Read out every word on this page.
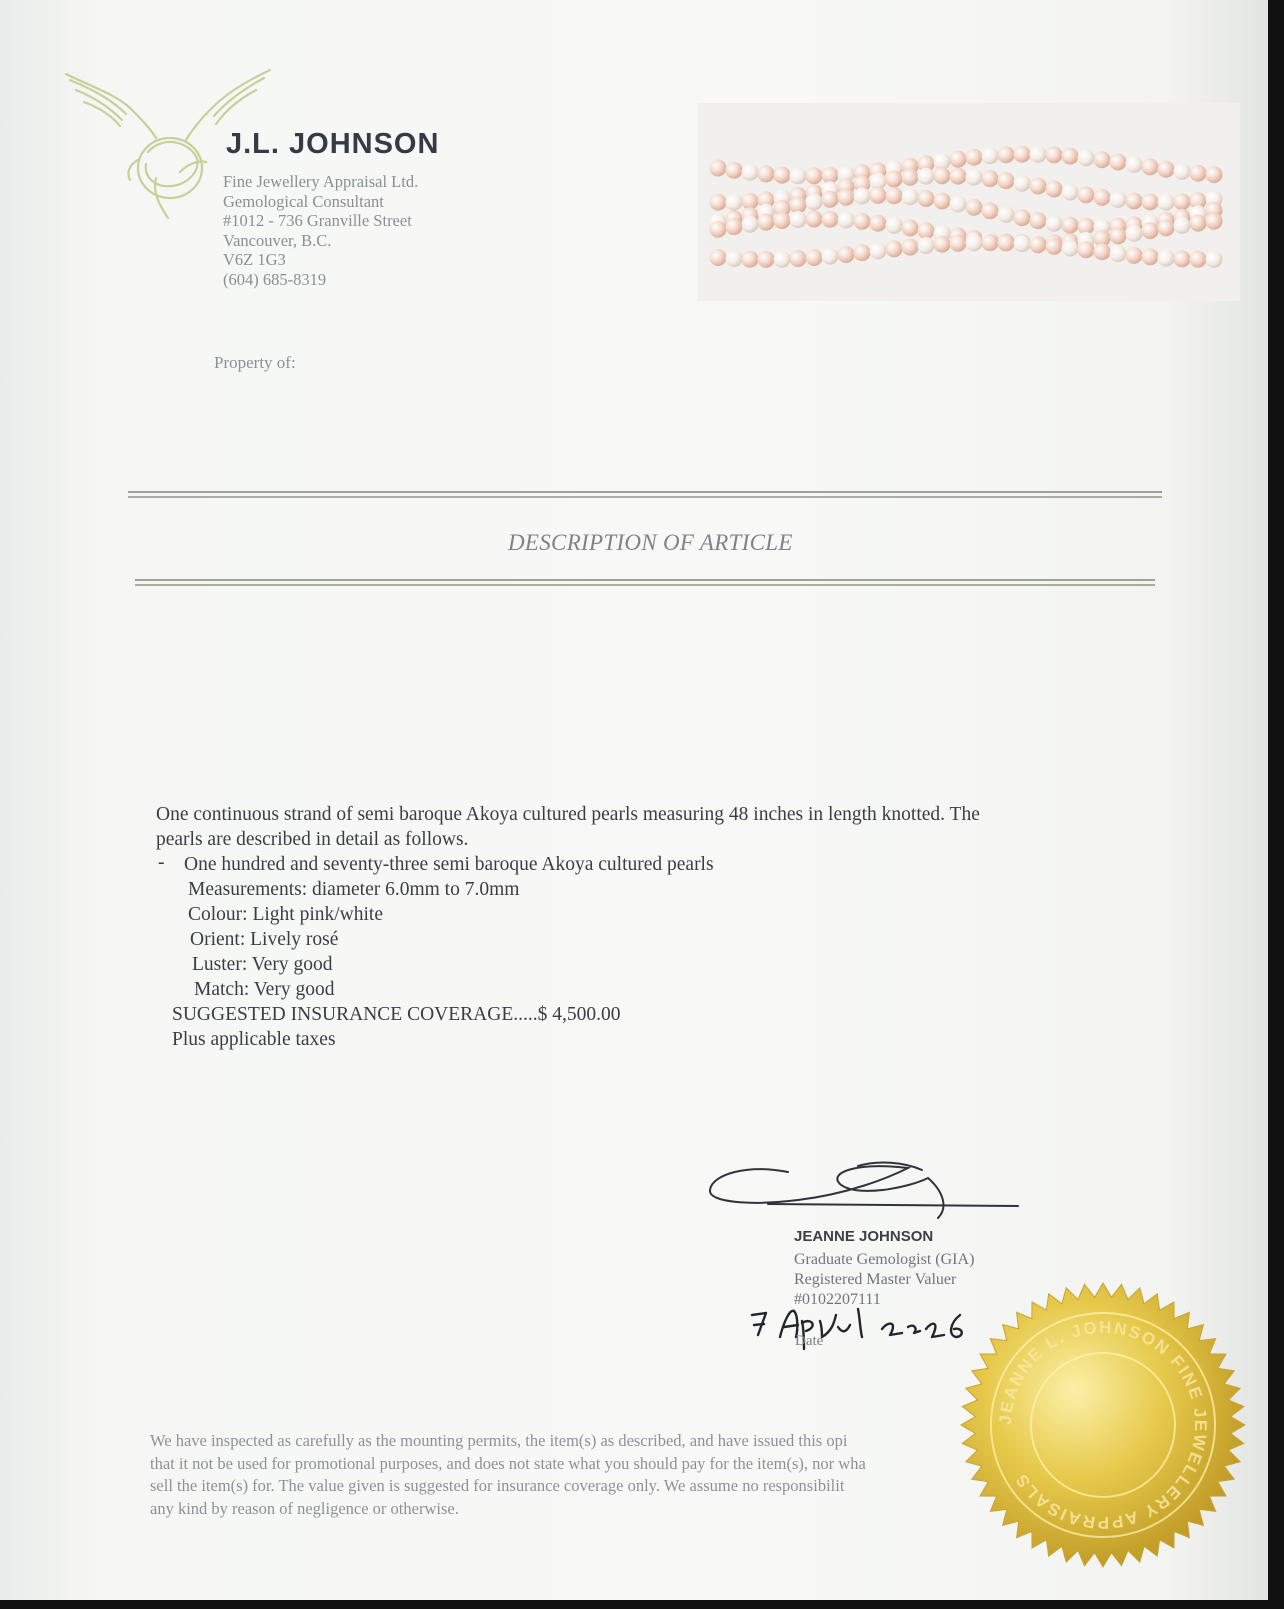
J.L. JOHNSON
Fine Jewellery Appraisal Ltd.
Gemological Consultant
#1012 - 736 Granville Street
Vancouver, B.C.
V6Z 1G3
(604) 685-8319
Property of:
DESCRIPTION OF ARTICLE
One continuous strand of semi baroque Akoya cultured pearls measuring 48 inches in length knotted. The
pearls are described in detail as follows.
- One hundred and seventy-three semi baroque Akoya cultured pearls
Measurements: diameter 6.0mm to 7.0mm
Colour: Light pink/white
Orient: Lively rosé
Luster: Very good
Match: Very good
SUGGESTED INSURANCE COVERAGE.....$ 4,500.00
Plus applicable taxes
JEANNE JOHNSON
Graduate Gemologist (GIA)
Registered Master Valuer
#0102207111
Date
We have inspected as carefully as the mounting permits, the item(s) as described, and have issued this opi
that it not be used for promotional purposes, and does not state what you should pay for the item(s), nor wha
sell the item(s) for. The value given is suggested for insurance coverage only. We assume no responsibilit
any kind by reason of negligence or otherwise.
JEANNE L. JOHNSON FINE JEWELLERY APPRAISALS
